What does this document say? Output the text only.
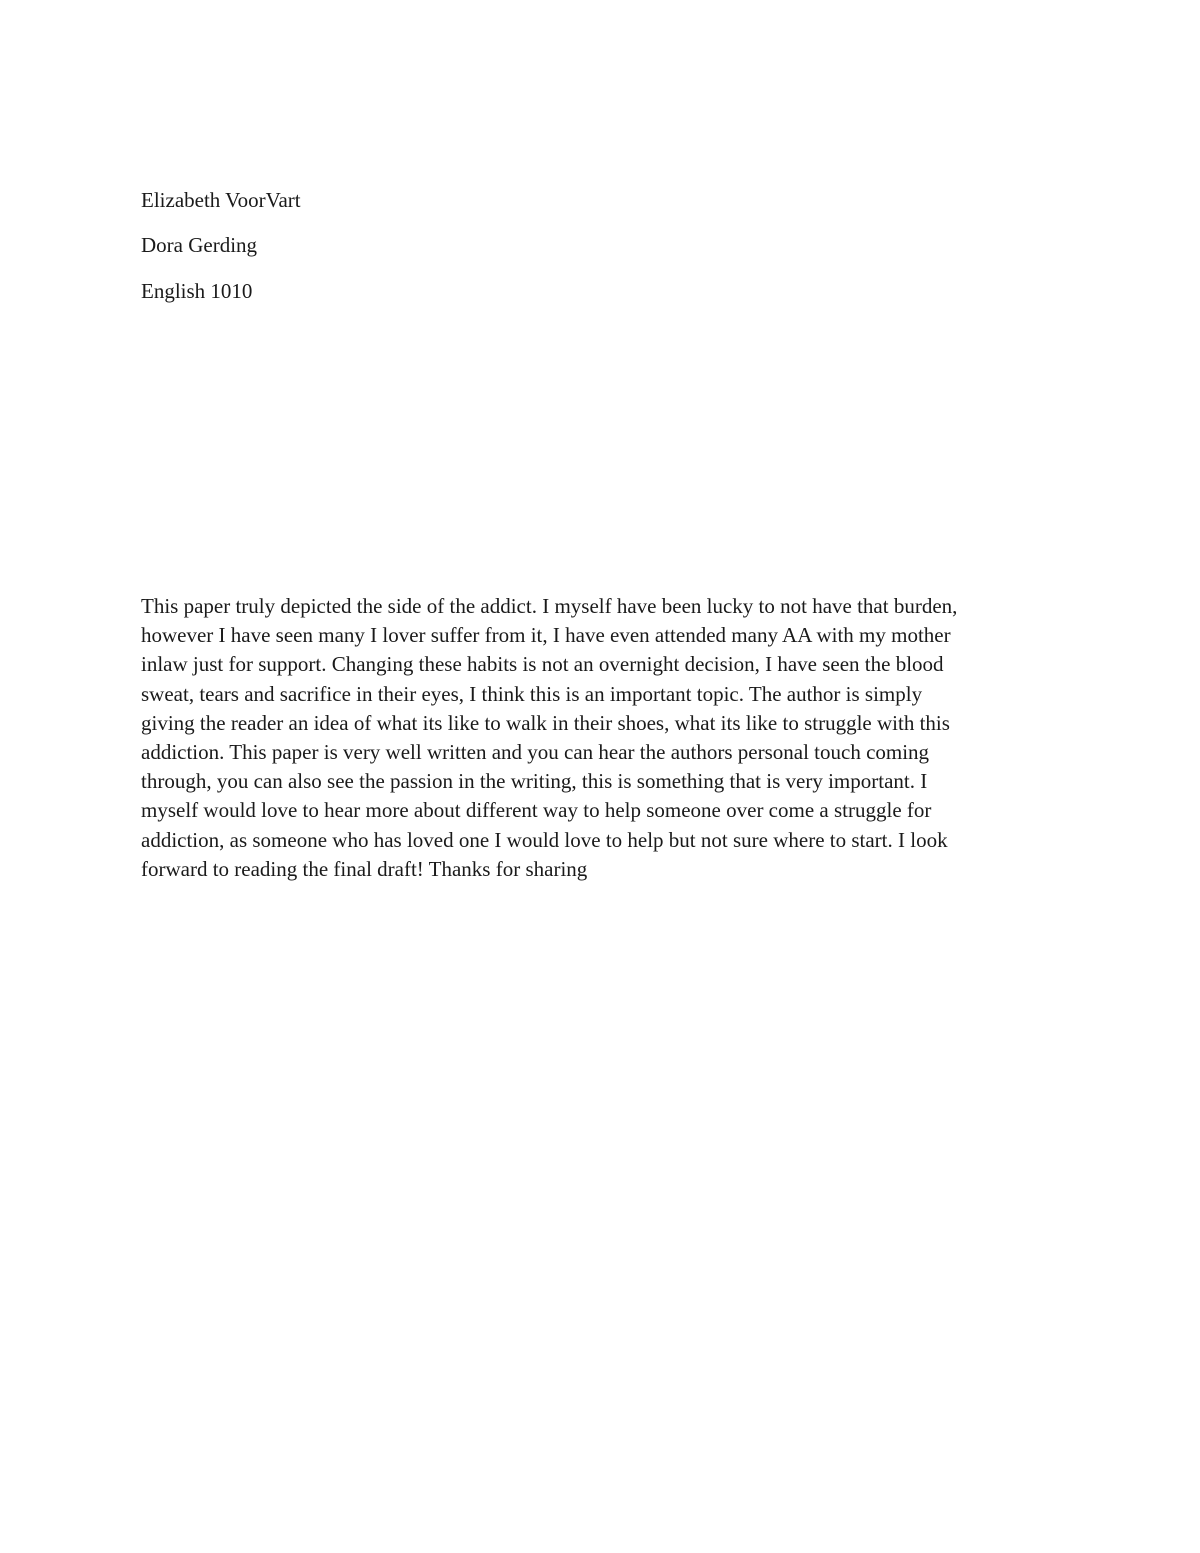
Elizabeth VoorVart
Dora Gerding
English 1010
This paper truly depicted the side of the addict. I myself have been lucky to not have that burden,
however I have seen many I lover suffer from it, I have even attended many AA with my mother
inlaw just for support. Changing these habits is not an overnight decision, I have seen the blood
sweat, tears and sacrifice in their eyes, I think this is an important topic. The author is simply
giving the reader an idea of what its like to walk in their shoes, what its like to struggle with this
addiction. This paper is very well written and you can hear the authors personal touch coming
through, you can also see the passion in the writing, this is something that is very important. I
myself would love to hear more about different way to help someone over come a struggle for
addiction, as someone who has loved one I would love to help but not sure where to start. I look
forward to reading the final draft! Thanks for sharing
